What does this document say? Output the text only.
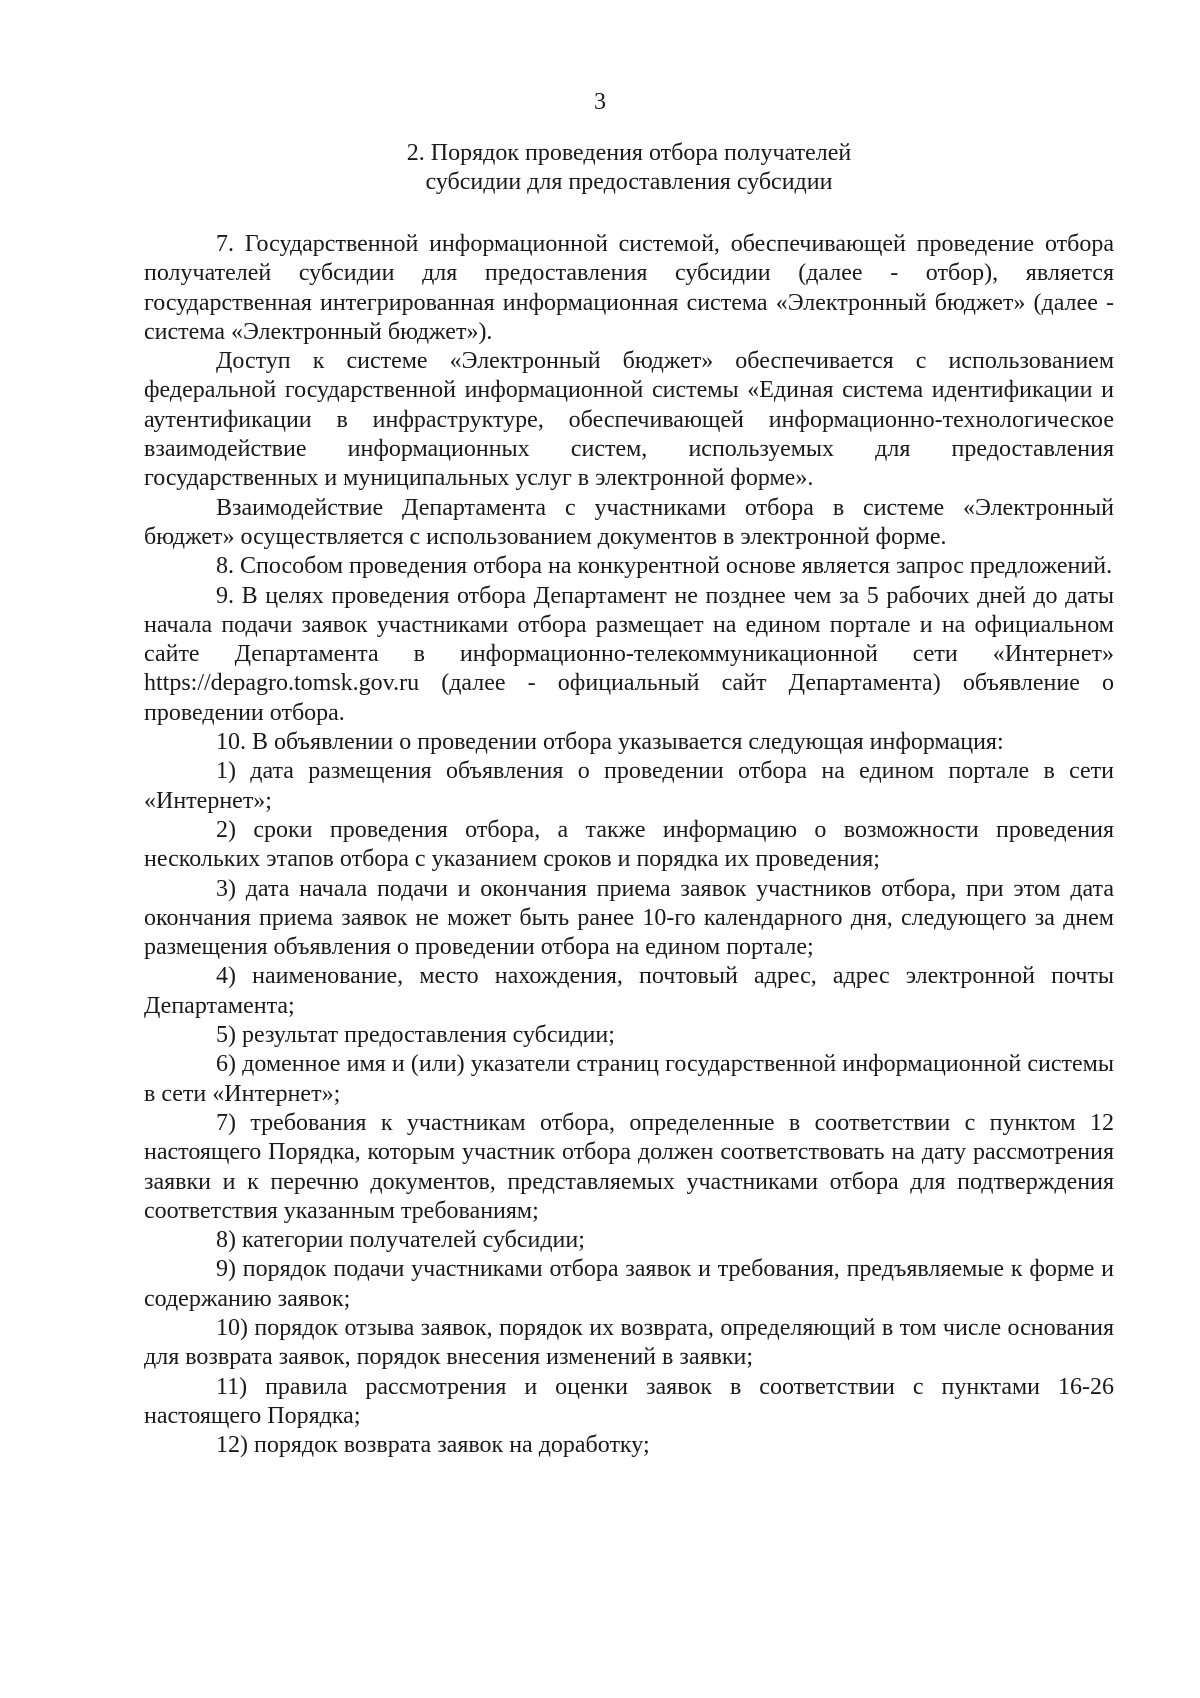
3
2. Порядок проведения отбора получателей
субсидии для предоставления субсидии

7. Государственной информационной системой, обеспечивающей проведение отбора получателей субсидии для предоставления субсидии (далее - отбор), является государственная интегрированная информационная система «Электронный бюджет» (далее - система «Электронный бюджет»).

Доступ к системе «Электронный бюджет» обеспечивается с использованием федеральной государственной информационной системы «Единая система идентификации и аутентификации в инфраструктуре, обеспечивающей информационно-технологическое взаимодействие информационных систем, используемых для предоставления государственных и муниципальных услуг в электронной форме».

Взаимодействие Департамента с участниками отбора в системе «Электронный бюджет» осуществляется с использованием документов в электронной форме.

8. Способом проведения отбора на конкурентной основе является запрос предложений.

9. В целях проведения отбора Департамент не позднее чем за 5 рабочих дней до даты начала подачи заявок участниками отбора размещает на едином портале и на официальном сайте Департамента в информационно-телекоммуникационной сети «Интернет» https://depagro.tomsk.gov.ru (далее - официальный сайт Департамента) объявление о проведении отбора.

10. В объявлении о проведении отбора указывается следующая информация:

1) дата размещения объявления о проведении отбора на едином портале в сети «Интернет»;

2) сроки проведения отбора, а также информацию о возможности проведения нескольких этапов отбора с указанием сроков и порядка их проведения;

3) дата начала подачи и окончания приема заявок участников отбора, при этом дата окончания приема заявок не может быть ранее 10-го календарного дня, следующего за днем размещения объявления о проведении отбора на едином портале;

4) наименование, место нахождения, почтовый адрес, адрес электронной почты Департамента;

5) результат предоставления субсидии;

6) доменное имя и (или) указатели страниц государственной информационной системы в сети «Интернет»;

7) требования к участникам отбора, определенные в соответствии с пунктом 12 настоящего Порядка, которым участник отбора должен соответствовать на дату рассмотрения заявки и к перечню документов, представляемых участниками отбора для подтверждения соответствия указанным требованиям;

8) категории получателей субсидии;

9) порядок подачи участниками отбора заявок и требования, предъявляемые к форме и содержанию заявок;

10) порядок отзыва заявок, порядок их возврата, определяющий в том числе основания для возврата заявок, порядок внесения изменений в заявки;

11) правила рассмотрения и оценки заявок в соответствии с пунктами 16-26 настоящего Порядка;

12) порядок возврата заявок на доработку;
